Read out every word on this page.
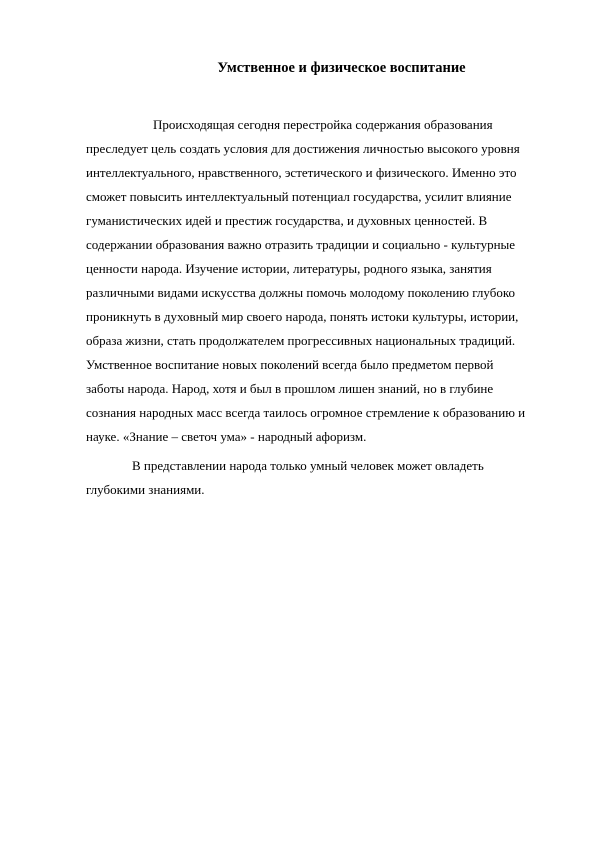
Умственное и физическое воспитание
Происходящая сегодня перестройка содержания образования
преследует цель создать условия для достижения личностью высокого уровня
интеллектуального, нравственного, эстетического и физического. Именно это
сможет повысить интеллектуальный потенциал государства, усилит влияние
гуманистических идей и престиж государства, и духовных ценностей. В
содержании образования важно отразить традиции и социально - культурные
ценности народа. Изучение истории, литературы, родного языка, занятия
различными видами искусства должны помочь молодому поколению глубоко
проникнуть в духовный мир своего народа, понять истоки культуры, истории,
образа жизни, стать продолжателем прогрессивных национальных традиций.
Умственное воспитание новых поколений всегда было предметом первой
заботы народа. Народ, хотя и был в прошлом лишен знаний, но в глубине
сознания народных масс всегда таилось огромное стремление к образованию и
науке. «Знание – светоч ума» - народный афоризм.
В представлении народа только умный человек может овладеть
глубокими знаниями.
